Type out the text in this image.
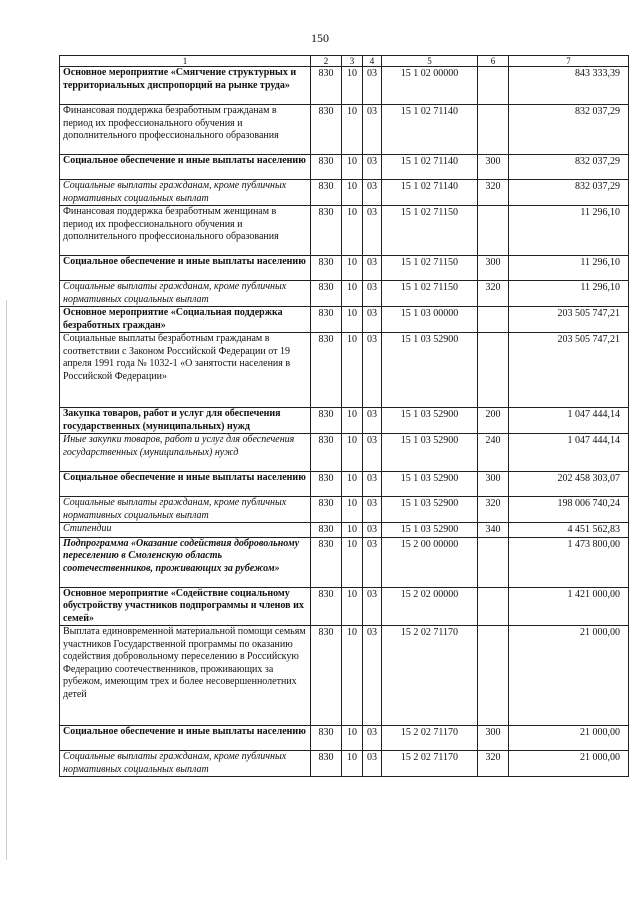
150
1	2	3	4	5	6	7
Основное мероприятие «Смягчение структурных и территориальных диспропорций на рынке труда»	830	10	03	15 1 02 00000		843 333,39
Финансовая поддержка безработным гражданам в период их профессионального обучения и дополнительного профессионального образования	830	10	03	15 1 02 71140		832 037,29
Социальное обеспечение и иные выплаты населению	830	10	03	15 1 02 71140	300	832 037,29
Социальные выплаты гражданам, кроме публичных нормативных социальных выплат	830	10	03	15 1 02 71140	320	832 037,29
Финансовая поддержка безработным женщинам в период их профессионального обучения и дополнительного профессионального образования	830	10	03	15 1 02 71150		11 296,10
Социальное обеспечение и иные выплаты населению	830	10	03	15 1 02 71150	300	11 296,10
Социальные выплаты гражданам, кроме публичных нормативных социальных выплат	830	10	03	15 1 02 71150	320	11 296,10
Основное мероприятие «Социальная поддержка безработных граждан»	830	10	03	15 1 03 00000		203 505 747,21
Социальные выплаты безработным гражданам в соответствии с Законом Российской Федерации от 19 апреля 1991 года № 1032-1 «О занятости населения в Российской Федерации»	830	10	03	15 1 03 52900		203 505 747,21
Закупка товаров, работ и услуг для обеспечения государственных (муниципальных) нужд	830	10	03	15 1 03 52900	200	1 047 444,14
Иные закупки товаров, работ и услуг для обеспечения государственных (муниципальных) нужд	830	10	03	15 1 03 52900	240	1 047 444,14
Социальное обеспечение и иные выплаты населению	830	10	03	15 1 03 52900	300	202 458 303,07
Социальные выплаты гражданам, кроме публичных нормативных социальных выплат	830	10	03	15 1 03 52900	320	198 006 740,24
Стипендии	830	10	03	15 1 03 52900	340	4 451 562,83
Подпрограмма «Оказание содействия добровольному переселению в Смоленскую область соотечественников, проживающих за рубежом»	830	10	03	15 2 00 00000		1 473 800,00
Основное мероприятие «Содействие социальному обустройству участников подпрограммы и членов их семей»	830	10	03	15 2 02 00000		1 421 000,00
Выплата единовременной материальной помощи семьям участников Государственной программы по оказанию содействия добровольному переселению в Российскую Федерацию соотечественников, проживающих за рубежом, имеющим трех и более несовершеннолетних детей	830	10	03	15 2 02 71170		21 000,00
Социальное обеспечение и иные выплаты населению	830	10	03	15 2 02 71170	300	21 000,00
Социальные выплаты гражданам, кроме публичных нормативных социальных выплат	830	10	03	15 2 02 71170	320	21 000,00
